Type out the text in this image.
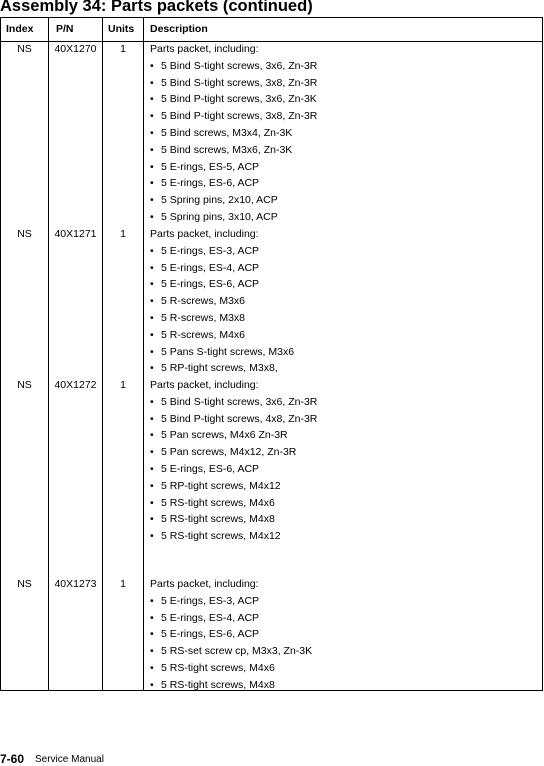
Assembly 34: Parts packets (continued)
Index P/N	Units Description
NS	40X1270	1	Parts packet, including:
• 5 Bind S-tight screws, 3x6, Zn-3R
• 5 Bind S-tight screws, 3x8, Zn-3R
• 5 Bind P-tight screws, 3x6, Zn-3K
• 5 Bind P-tight screws, 3x8, Zn-3R
• 5 Bind screws, M3x4, Zn-3K
• 5 Bind screws, M3x6, Zn-3K
• 5 E-rings, ES-5, ACP
• 5 E-rings, ES-6, ACP
• 5 Spring pins, 2x10, ACP
• 5 Spring pins, 3x10, ACP
NS	40X1271	1	Parts packet, including:
• 5 E-rings, ES-3, ACP
• 5 E-rings, ES-4, ACP
• 5 E-rings, ES-6, ACP
• 5 R-screws, M3x6
• 5 R-screws, M3x8
• 5 R-screws, M4x6
• 5 Pans S-tight screws, M3x6
• 5 RP-tight screws, M3x8,
NS	40X1272	1	Parts packet, including:
• 5 Bind S-tight screws, 3x6, Zn-3R
• 5 Bind P-tight screws, 4x8, Zn-3R
• 5 Pan screws, M4x6 Zn-3R
• 5 Pan screws, M4x12, Zn-3R
• 5 E-rings, ES-6, ACP
• 5 RP-tight screws, M4x12
• 5 RS-tight screws, M4x6
• 5 RS-tight screws, M4x8
• 5 RS-tight screws, M4x12
NS	40X1273	1	Parts packet, including:
• 5 E-rings, ES-3, ACP
• 5 E-rings, ES-4, ACP
• 5 E-rings, ES-6, ACP
• 5 RS-set screw cp, M3x3, Zn-3K
• 5 RS-tight screws, M4x6
• 5 RS-tight screws, M4x8
7-60 Service Manual
